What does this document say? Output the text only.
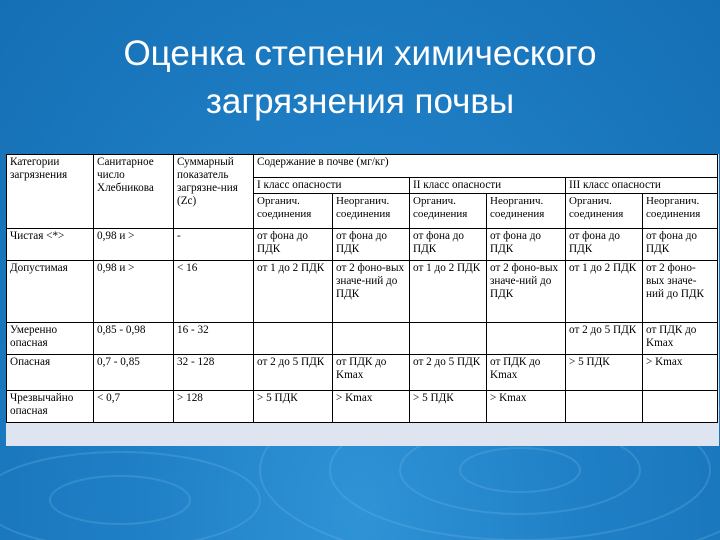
Оценка степени химического
загрязнения почвы
Категории загрязнения	Санитарное число Хлебникова	Суммарный показатель загрязне-ния (Zc)	Содержание в почве (мг/кг)					
			I класс опасности		II класс опасности		III класс опасности	
			Органич. соединения	Неорганич. соединения	Органич. соединения	Неорганич. соединения	Органич. соединения	Неорганич. соединения
Чистая <*>	0,98 и >	-	от фона до ПДК	от фона до ПДК	от фона до ПДК	от фона до ПДК	от фона до ПДК	от фона до ПДК
Допустимая	0,98 и >	< 16	от 1 до 2 ПДК	от 2 фоно-вых значе-ний до ПДК	от 1 до 2 ПДК	от 2 фоно-вых значе-ний до ПДК	от 1 до 2 ПДК	от 2 фоно-вых значе-ний до ПДК
Умеренно опасная	0,85 - 0,98	16 - 32					от 2 до 5 ПДК	от ПДК до Kmax
Опасная	0,7 - 0,85	32 - 128	от 2 до 5 ПДК	от ПДК до Kmax	от 2 до 5 ПДК	от ПДК до Kmax	> 5 ПДК	> Kmax
Чрезвычайно опасная	< 0,7	> 128	> 5 ПДК	> Kmax	> 5 ПДК	> Kmax		
